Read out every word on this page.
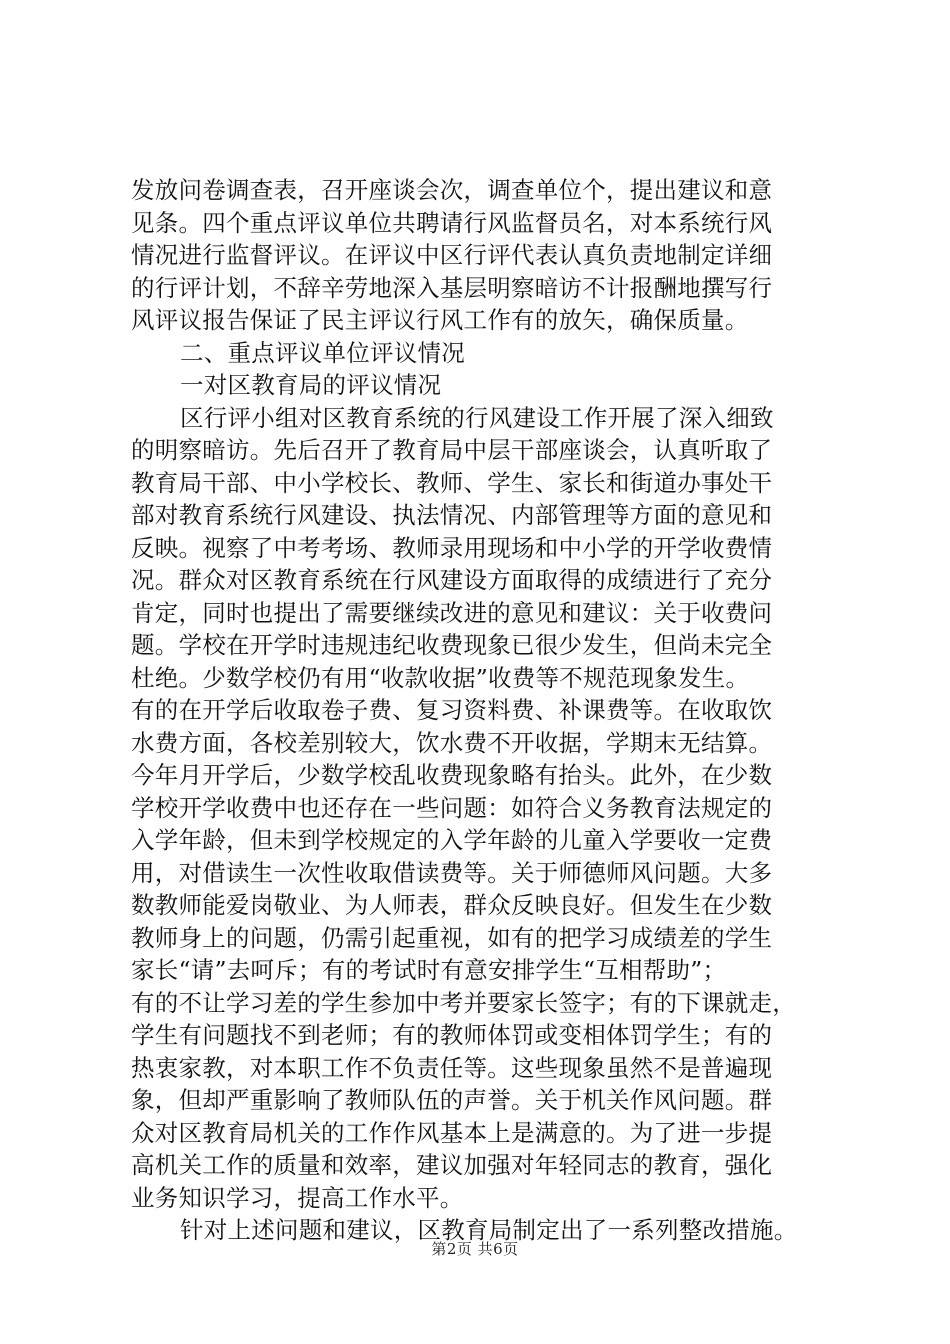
发放问卷调查表，召开座谈会次，调查单位个，提出建议和意
见条。四个重点评议单位共聘请行风监督员名，对本系统行风
情况进行监督评议。在评议中区行评代表认真负责地制定详细
的行评计划，不辞辛劳地深入基层明察暗访不计报酬地撰写行
风评议报告保证了民主评议行风工作有的放矢，确保质量。
二、重点评议单位评议情况
一对区教育局的评议情况
区行评小组对区教育系统的行风建设工作开展了深入细致
的明察暗访。先后召开了教育局中层干部座谈会，认真听取了
教育局干部、中小学校长、教师、学生、家长和街道办事处干
部对教育系统行风建设、执法情况、内部管理等方面的意见和
反映。视察了中考考场、教师录用现场和中小学的开学收费情
况。群众对区教育系统在行风建设方面取得的成绩进行了充分
肯定，同时也提出了需要继续改进的意见和建议：关于收费问
题。学校在开学时违规违纪收费现象已很少发生，但尚未完全
杜绝。少数学校仍有用“收款收据”收费等不规范现象发生。
有的在开学后收取卷子费、复习资料费、补课费等。在收取饮
水费方面，各校差别较大，饮水费不开收据，学期末无结算。
今年月开学后，少数学校乱收费现象略有抬头。此外，在少数
学校开学收费中也还存在一些问题：如符合义务教育法规定的
入学年龄，但未到学校规定的入学年龄的儿童入学要收一定费
用，对借读生一次性收取借读费等。关于师德师风问题。大多
数教师能爱岗敬业、为人师表，群众反映良好。但发生在少数
教师身上的问题，仍需引起重视，如有的把学习成绩差的学生
家长“请”去呵斥；有的考试时有意安排学生“互相帮助”；
有的不让学习差的学生参加中考并要家长签字；有的下课就走，
学生有问题找不到老师；有的教师体罚或变相体罚学生；有的
热衷家教，对本职工作不负责任等。这些现象虽然不是普遍现
象，但却严重影响了教师队伍的声誉。关于机关作风问题。群
众对区教育局机关的工作作风基本上是满意的。为了进一步提
高机关工作的质量和效率，建议加强对年轻同志的教育，强化
业务知识学习，提高工作水平。
针对上述问题和建议，区教育局制定出了一系列整改措施。
第2页 共6页
